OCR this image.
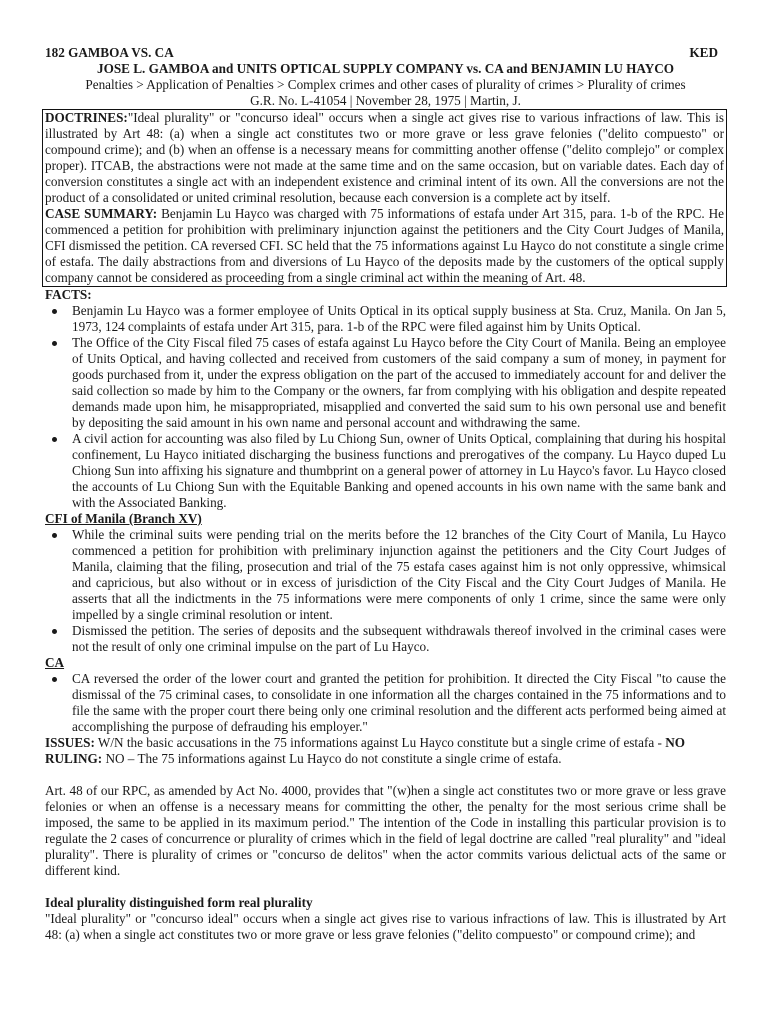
182 GAMBOA VS. CA	KED

JOSE L. GAMBOA and UNITS OPTICAL SUPPLY COMPANY vs. CA and BENJAMIN LU HAYCO

Penalties > Application of Penalties > Complex crimes and other cases of plurality of crimes > Plurality of crimes

G.R. No. L-41054 | November 28, 1975 | Martin, J.

DOCTRINES:"Ideal plurality" or "concurso ideal" occurs when a single act gives rise to various infractions of law. This is illustrated by Art 48: (a) when a single act constitutes two or more grave or less grave felonies ("delito compuesto" or compound crime); and (b) when an offense is a necessary means for committing another offense ("delito complejo" or complex proper). ITCAB, the abstractions were not made at the same time and on the same occasion, but on variable dates. Each day of conversion constitutes a single act with an independent existence and criminal intent of its own. All the conversions are not the product of a consolidated or united criminal resolution, because each conversion is a complete act by itself.

CASE SUMMARY: Benjamin Lu Hayco was charged with 75 informations of estafa under Art 315, para. 1-b of the RPC. He commenced a petition for prohibition with preliminary injunction against the petitioners and the City Court Judges of Manila, CFI dismissed the petition. CA reversed CFI. SC held that the 75 informations against Lu Hayco do not constitute a single crime of estafa. The daily abstractions from and diversions of Lu Hayco of the deposits made by the customers of the optical supply company cannot be considered as proceeding from a single criminal act within the meaning of Art. 48.

FACTS:

Benjamin Lu Hayco was a former employee of Units Optical in its optical supply business at Sta. Cruz, Manila. On Jan 5, 1973, 124 complaints of estafa under Art 315, para. 1-b of the RPC were filed against him by Units Optical.
The Office of the City Fiscal filed 75 cases of estafa against Lu Hayco before the City Court of Manila. Being an employee of Units Optical, and having collected and received from customers of the said company a sum of money, in payment for goods purchased from it, under the express obligation on the part of the accused to immediately account for and deliver the said collection so made by him to the Company or the owners, far from complying with his obligation and despite repeated demands made upon him, he misappropriated, misapplied and converted the said sum to his own personal use and benefit by depositing the said amount in his own name and personal account and withdrawing the same.
A civil action for accounting was also filed by Lu Chiong Sun, owner of Units Optical, complaining that during his hospital confinement, Lu Hayco initiated discharging the business functions and prerogatives of the company. Lu Hayco duped Lu Chiong Sun into affixing his signature and thumbprint on a general power of attorney in Lu Hayco's favor. Lu Hayco closed the accounts of Lu Chiong Sun with the Equitable Banking and opened accounts in his own name with the same bank and with the Associated Banking.

CFI of Manila (Branch XV)

While the criminal suits were pending trial on the merits before the 12 branches of the City Court of Manila, Lu Hayco commenced a petition for prohibition with preliminary injunction against the petitioners and the City Court Judges of Manila, claiming that the filing, prosecution and trial of the 75 estafa cases against him is not only oppressive, whimsical and capricious, but also without or in excess of jurisdiction of the City Fiscal and the City Court Judges of Manila. He asserts that all the indictments in the 75 informations were mere components of only 1 crime, since the same were only impelled by a single criminal resolution or intent.
Dismissed the petition. The series of deposits and the subsequent withdrawals thereof involved in the criminal cases were not the result of only one criminal impulse on the part of Lu Hayco.

CA

CA reversed the order of the lower court and granted the petition for prohibition. It directed the City Fiscal "to cause the dismissal of the 75 criminal cases, to consolidate in one information all the charges contained in the 75 informations and to file the same with the proper court there being only one criminal resolution and the different acts performed being aimed at accomplishing the purpose of defrauding his employer."

ISSUES: W/N the basic accusations in the 75 informations against Lu Hayco constitute but a single crime of estafa - NO

RULING: NO – The 75 informations against Lu Hayco do not constitute a single crime of estafa.

Art. 48 of our RPC, as amended by Act No. 4000, provides that "(w)hen a single act constitutes two or more grave or less grave felonies or when an offense is a necessary means for committing the other, the penalty for the most serious crime shall be imposed, the same to be applied in its maximum period." The intention of the Code in installing this particular provision is to regulate the 2 cases of concurrence or plurality of crimes which in the field of legal doctrine are called "real plurality" and "ideal plurality". There is plurality of crimes or "concurso de delitos" when the actor commits various delictual acts of the same or different kind.

Ideal plurality distinguished form real plurality

"Ideal plurality" or "concurso ideal" occurs when a single act gives rise to various infractions of law. This is illustrated by Art 48: (a) when a single act constitutes two or more grave or less grave felonies ("delito compuesto" or compound crime); and
